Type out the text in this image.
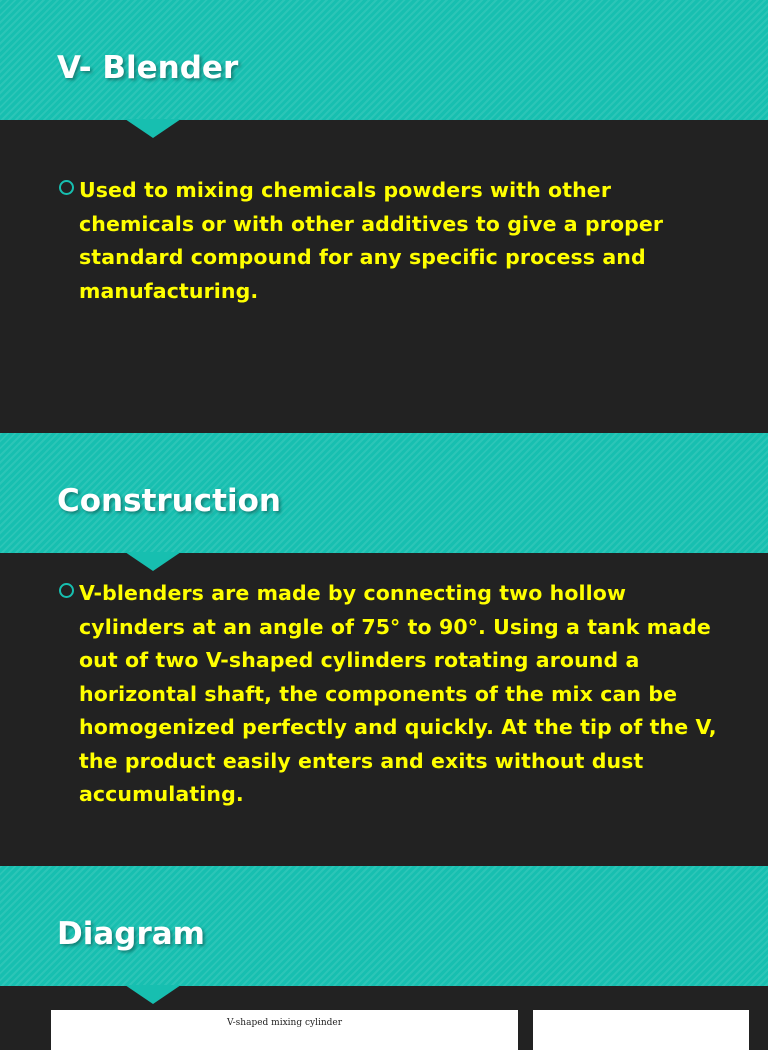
V- Blender

Used to mixing chemicals powders with other chemicals or with other additives to give a proper standard compound for any specific process and manufacturing.

Construction

V-blenders are made by connecting two hollow cylinders at an angle of 75° to 90°. Using a tank made out of two V-shaped cylinders rotating around a horizontal shaft, the components of the mix can be homogenized perfectly and quickly. At the tip of the V, the product easily enters and exits without dust accumulating.

Diagram
V-shaped mixing cylinder
